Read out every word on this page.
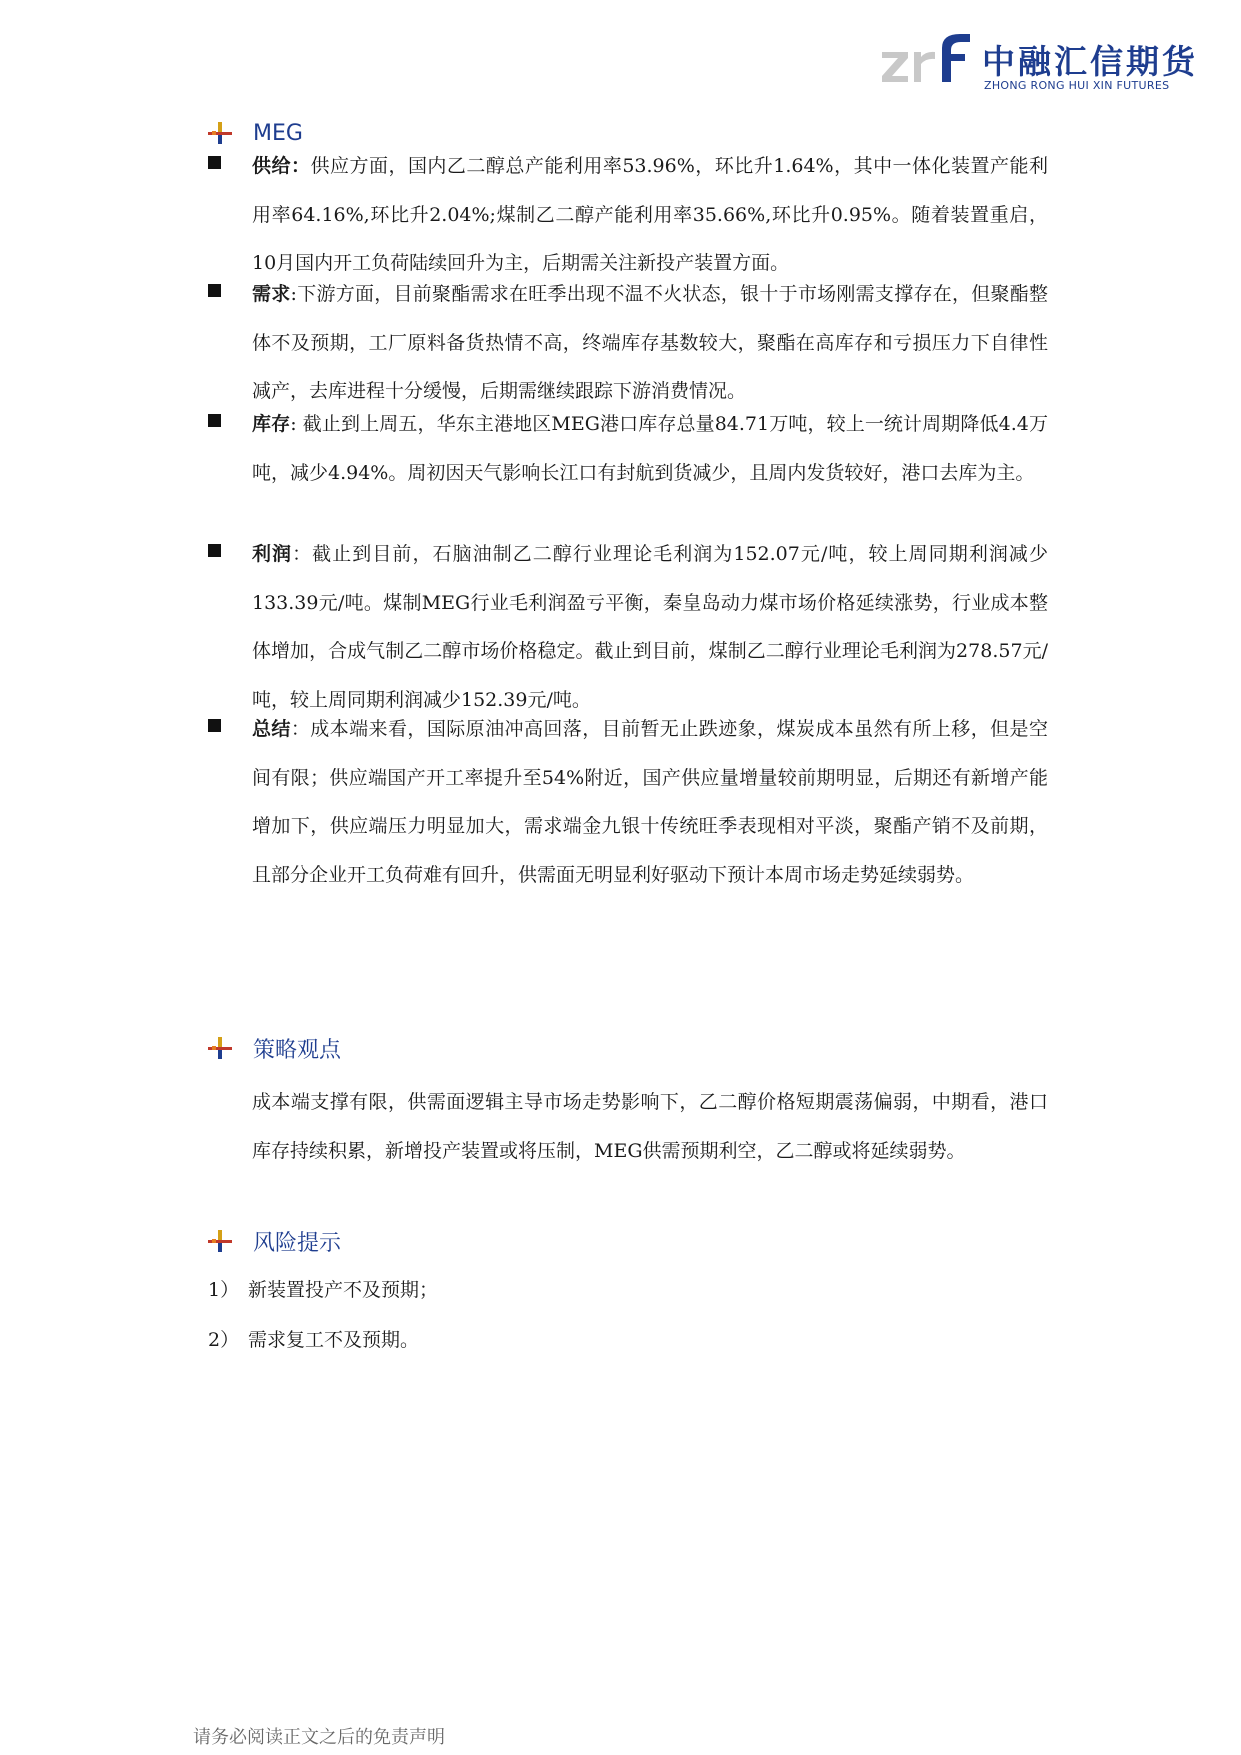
中融汇信期货
ZHONG RONG HUI XIN FUTURES
MEG

供给：供应方面，国内乙二醇总产能利用率53.96%，环比升1.64%，其中一体化装置产能利用率64.16%,环比升2.04%;煤制乙二醇产能利用率35.66%,环比升0.95%。随着装置重启，10月国内开工负荷陆续回升为主，后期需关注新投产装置方面。

需求:下游方面，目前聚酯需求在旺季出现不温不火状态，银十于市场刚需支撑存在，但聚酯整体不及预期，工厂原料备货热情不高，终端库存基数较大，聚酯在高库存和亏损压力下自律性减产，去库进程十分缓慢，后期需继续跟踪下游消费情况。

库存: 截止到上周五，华东主港地区MEG港口库存总量84.71万吨，较上一统计周期降低4.4万吨，减少4.94%。周初因天气影响长江口有封航到货减少，且周内发货较好，港口去库为主。

利润：截止到目前，石脑油制乙二醇行业理论毛利润为152.07元/吨，较上周同期利润减少133.39元/吨。煤制MEG行业毛利润盈亏平衡，秦皇岛动力煤市场价格延续涨势，行业成本整体增加，合成气制乙二醇市场价格稳定。截止到目前，煤制乙二醇行业理论毛利润为278.57元/吨，较上周同期利润减少152.39元/吨。

总结：成本端来看，国际原油冲高回落，目前暂无止跌迹象，煤炭成本虽然有所上移，但是空间有限；供应端国产开工率提升至54%附近，国产供应量增量较前期明显，后期还有新增产能增加下，供应端压力明显加大，需求端金九银十传统旺季表现相对平淡，聚酯产销不及前期，且部分企业开工负荷难有回升，供需面无明显利好驱动下预计本周市场走势延续弱势。

策略观点

成本端支撑有限，供需面逻辑主导市场走势影响下，乙二醇价格短期震荡偏弱，中期看，港口库存持续积累，新增投产装置或将压制，MEG供需预期利空，乙二醇或将延续弱势。

风险提示
1） 新装置投产不及预期；
2） 需求复工不及预期。
请务必阅读正文之后的免责声明
